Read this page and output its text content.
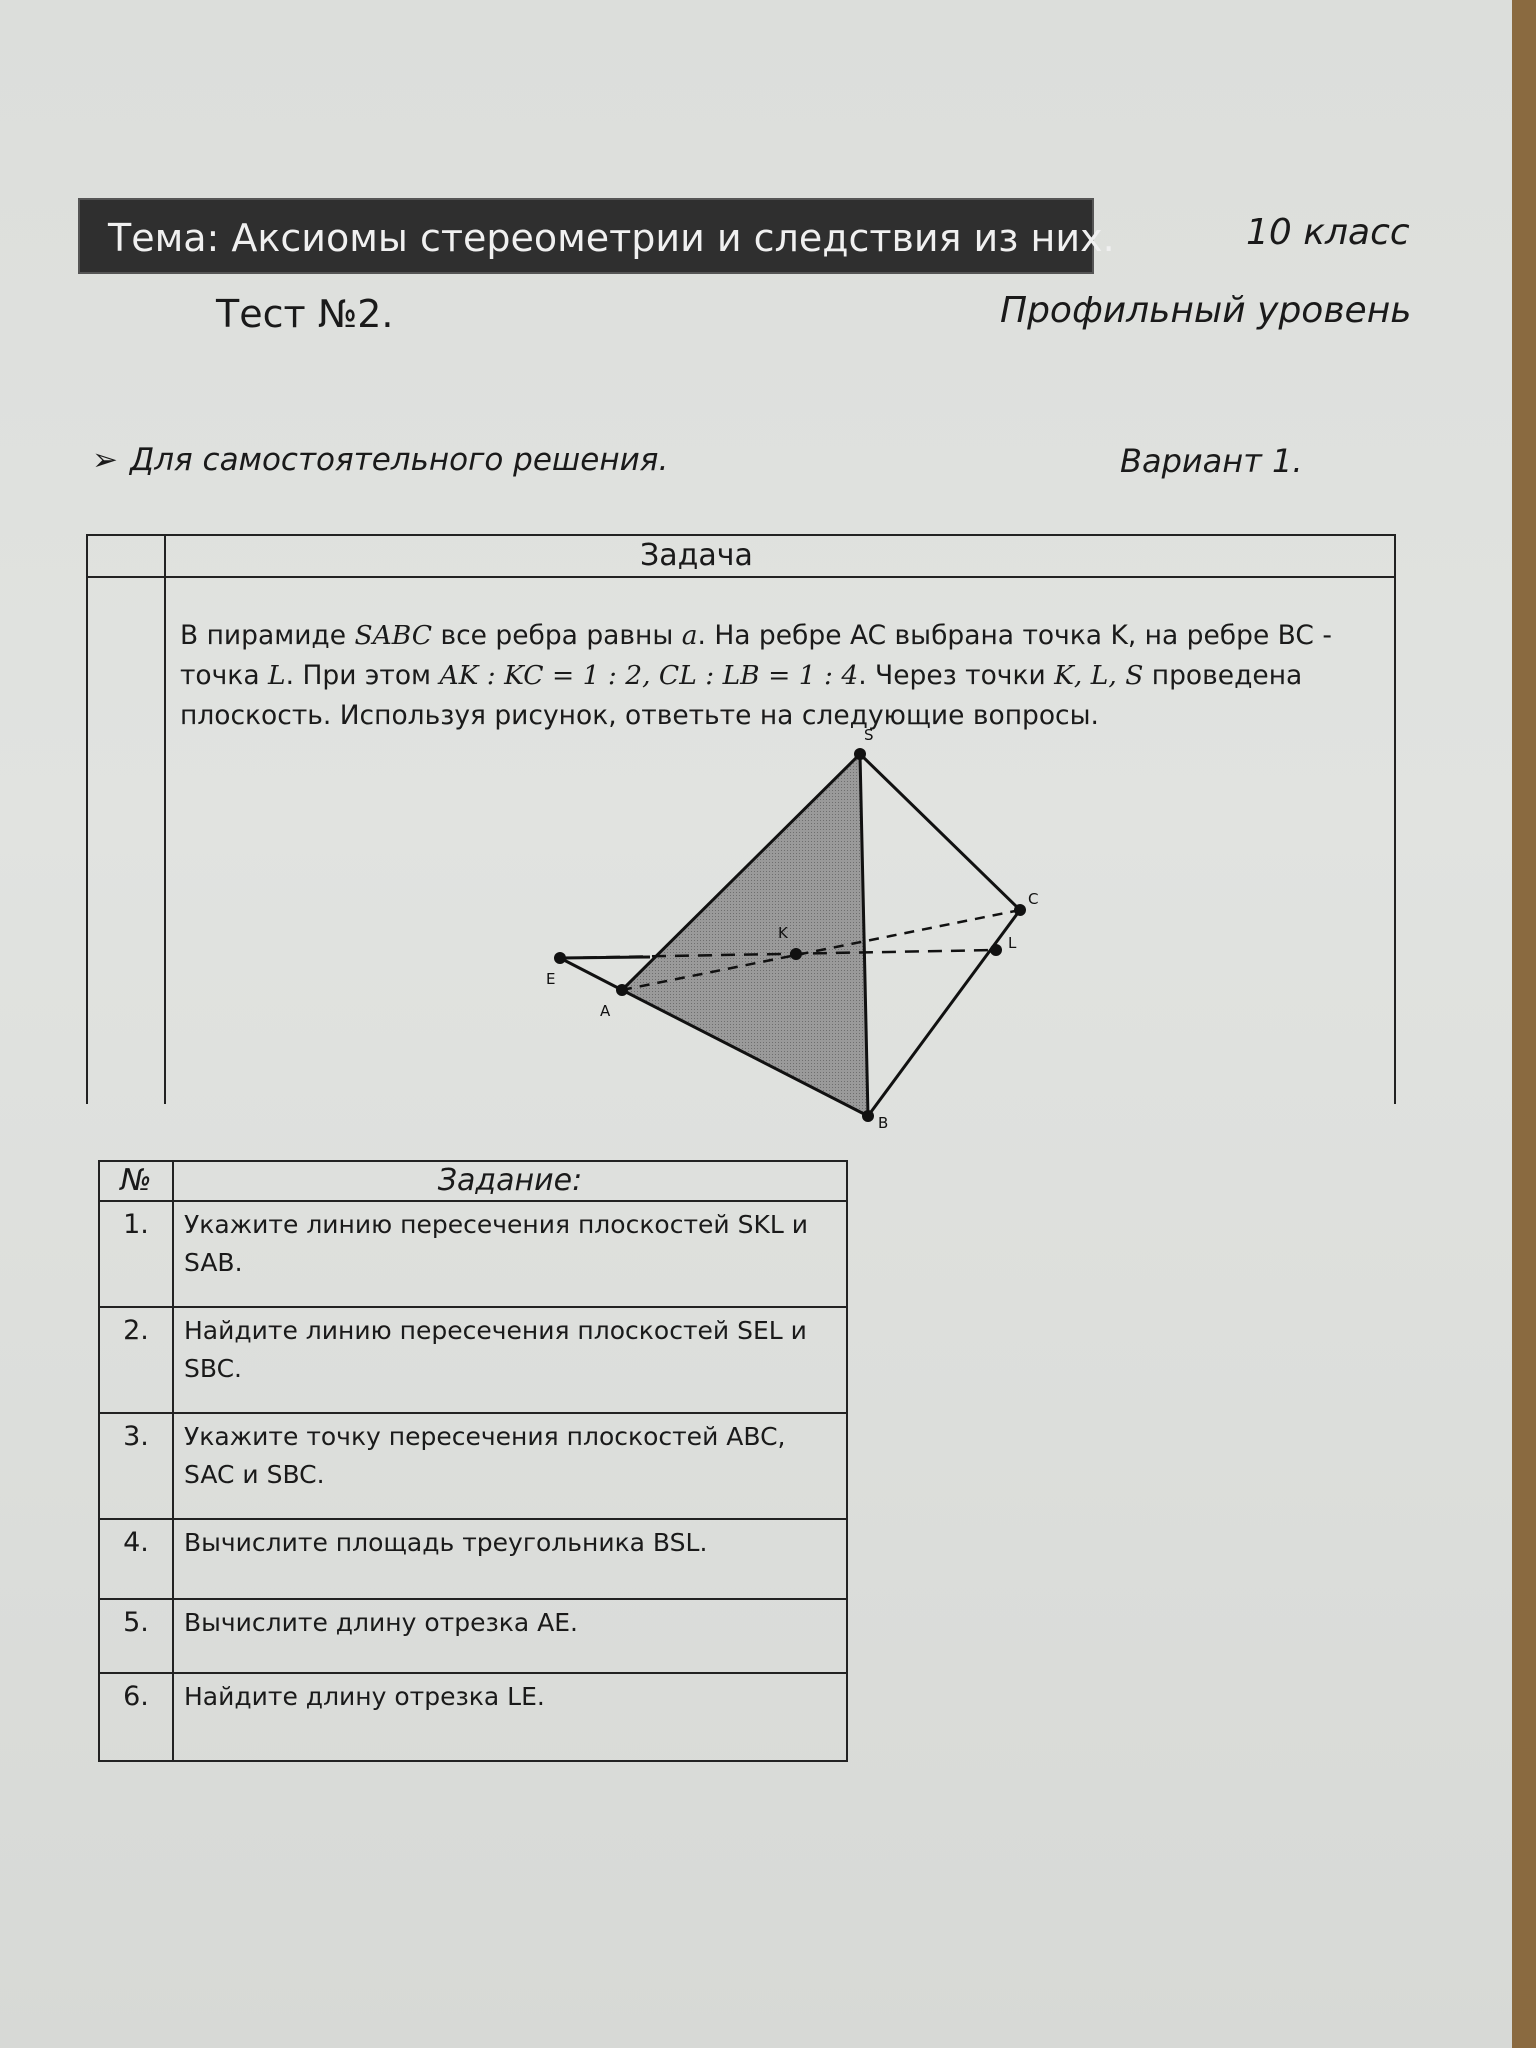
Тема: Аксиомы стереометрии и следствия из них.	10 класс
Тест №2.	Профильный уровень
➢ Для самостоятельного решения.	Вариант 1.
Задача
В пирамиде SABC все ребра равны a. На ребре AC выбрана точка K, на ребре BC -
точка L. При этом AK : KC = 1 : 2, CL : LB = 1 : 4. Через точки K, L, S проведена
плоскость. Используя рисунок, ответьте на следующие вопросы.
S
C
K
L
E
A
B
№	Задание:
1.	Укажите линию пересечения плоскостей SKL и SAB.
2.	Найдите линию пересечения плоскостей SEL и SBC.
3.	Укажите точку пересечения плоскостей ABC, SAC и SBC.
4.	Вычислите площадь треугольника BSL.
5.	Вычислите длину отрезка AE.
6.	Найдите длину отрезка LE.
